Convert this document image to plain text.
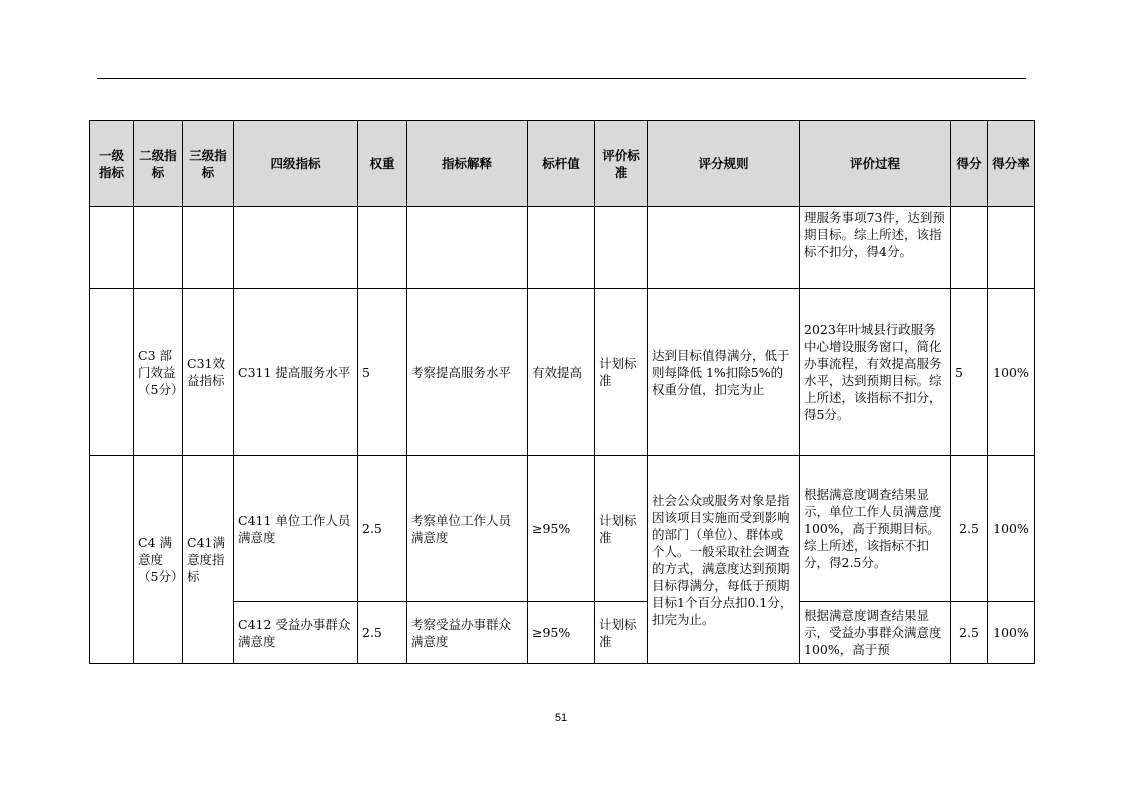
一级指标	二级指标	三级指标	四级指标	权重	指标解释	标杆值	评价标准	评分规则	评价过程	得分	得分率
									理服务事项73件，达到预期目标。综上所述，该指标不扣分，得4分。		
	C3 部门效益（5分）	C31效益指标	C311 提高服务水平	5	考察提高服务水平	有效提高	计划标准	达到目标值得满分，低于则每降低 1%扣除5%的权重分值，扣完为止	2023年叶城县行政服务中心增设服务窗口，简化办事流程，有效提高服务水平，达到预期目标。综上所述，该指标不扣分，得5分。	5	100%
	C4 满意度（5分）	C41满意度指标	C411 单位工作人员满意度	2.5	考察单位工作人员满意度	≥95%	计划标准	社会公众或服务对象是指因该项目实施而受到影响的部门（单位）、群体或个人。一般采取社会调查的方式，满意度达到预期目标得满分，每低于预期目标1个百分点扣0.1分，扣完为止。	根据满意度调查结果显示，单位工作人员满意度100%，高于预期目标。综上所述，该指标不扣分，得2.5分。	2.5	100%
			C412 受益办事群众满意度	2.5	考察受益办事群众满意度	≥95%	计划标准		根据满意度调查结果显示，受益办事群众满意度100%，高于预	2.5	100%
51
